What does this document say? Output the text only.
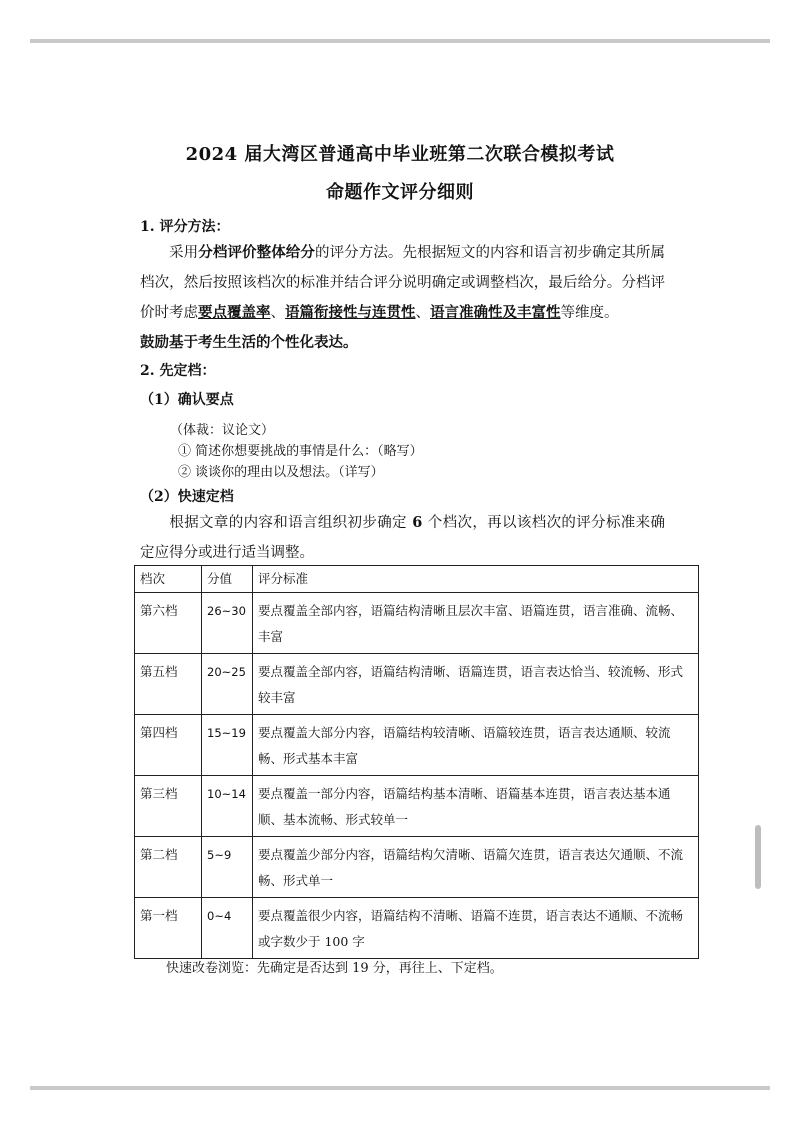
2024 届大湾区普通高中毕业班第二次联合模拟考试
命题作文评分细则
1. 评分方法：
采用分档评价整体给分的评分方法。先根据短文的内容和语言初步确定其所属档次，然后按照该档次的标准并结合评分说明确定或调整档次，最后给分。分档评价时考虑要点覆盖率、语篇衔接性与连贯性、语言准确性及丰富性等维度。
鼓励基于考生生活的个性化表达。
2. 先定档：
（1）确认要点
（体裁：议论文）
① 简述你想要挑战的事情是什么：（略写）
② 谈谈你的理由以及想法。（详写）
（2）快速定档
根据文章的内容和语言组织初步确定 6 个档次，再以该档次的评分标准来确定应得分或进行适当调整。
档次	分值	评分标准
第六档	26~30	要点覆盖全部内容，语篇结构清晰且层次丰富、语篇连贯，语言准确、流畅、丰富
第五档	20~25	要点覆盖全部内容，语篇结构清晰、语篇连贯，语言表达恰当、较流畅、形式较丰富
第四档	15~19	要点覆盖大部分内容，语篇结构较清晰、语篇较连贯，语言表达通顺、较流畅、形式基本丰富
第三档	10~14	要点覆盖一部分内容，语篇结构基本清晰、语篇基本连贯，语言表达基本通顺、基本流畅、形式较单一
第二档	5~9	要点覆盖少部分内容，语篇结构欠清晰、语篇欠连贯，语言表达欠通顺、不流畅、形式单一
第一档	0~4	要点覆盖很少内容，语篇结构不清晰、语篇不连贯，语言表达不通顺、不流畅或字数少于 100 字
快速改卷浏览：先确定是否达到 19 分，再往上、下定档。
